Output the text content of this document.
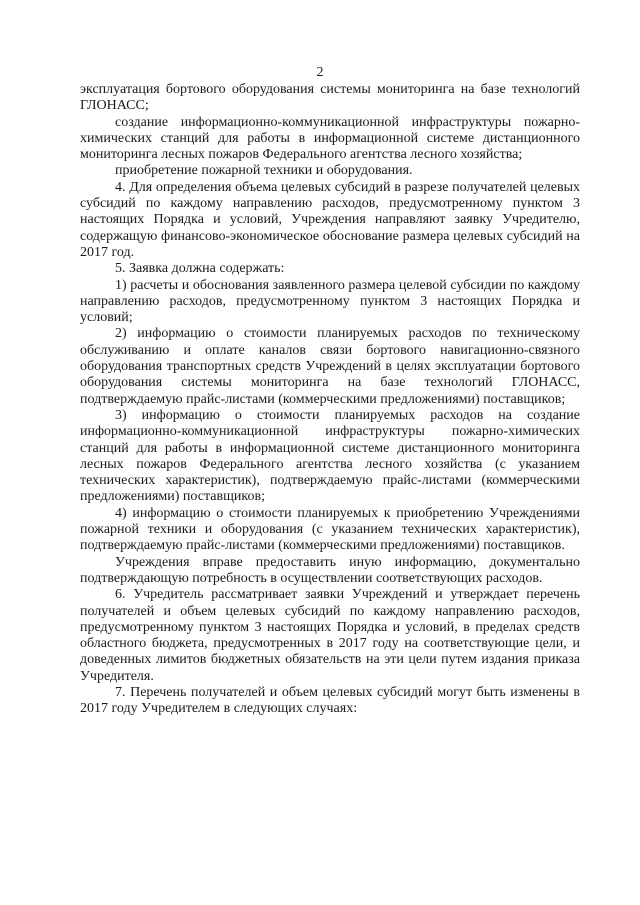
2

эксплуатация бортового оборудования системы мониторинга на базе технологий ГЛОНАСС;

создание информационно-коммуникационной инфраструктуры пожарно-химических станций для работы в информационной системе дистанционного мониторинга лесных пожаров Федерального агентства лесного хозяйства;

приобретение пожарной техники и оборудования.

4. Для определения объема целевых субсидий в разрезе получателей целевых субсидий по каждому направлению расходов, предусмотренному пунктом 3 настоящих Порядка и условий, Учреждения направляют заявку Учредителю, содержащую финансово-экономическое обоснование размера целевых субсидий на 2017 год.

5. Заявка должна содержать:

1) расчеты и обоснования заявленного размера целевой субсидии по каждому направлению расходов, предусмотренному пунктом 3 настоящих Порядка и условий;

2) информацию о стоимости планируемых расходов по техническому обслуживанию и оплате каналов связи бортового навигационно-связного оборудования транспортных средств Учреждений в целях эксплуатации бортового оборудования системы мониторинга на базе технологий ГЛОНАСС, подтверждаемую прайс-листами (коммерческими предложениями) поставщиков;

3) информацию о стоимости планируемых расходов на создание информационно-коммуникационной инфраструктуры пожарно-химических станций для работы в информационной системе дистанционного мониторинга лесных пожаров Федерального агентства лесного хозяйства (с указанием технических характеристик), подтверждаемую прайс-листами (коммерческими предложениями) поставщиков;

4) информацию о стоимости планируемых к приобретению Учреждениями пожарной техники и оборудования (с указанием технических характеристик), подтверждаемую прайс-листами (коммерческими предложениями) поставщиков.

Учреждения вправе предоставить иную информацию, документально подтверждающую потребность в осуществлении соответствующих расходов.

6. Учредитель рассматривает заявки Учреждений и утверждает перечень получателей и объем целевых субсидий по каждому направлению расходов, предусмотренному пунктом 3 настоящих Порядка и условий, в пределах средств областного бюджета, предусмотренных в 2017 году на соответствующие цели, и доведенных лимитов бюджетных обязательств на эти цели путем издания приказа Учредителя.

7. Перечень получателей и объем целевых субсидий могут быть изменены в 2017 году Учредителем в следующих случаях:
